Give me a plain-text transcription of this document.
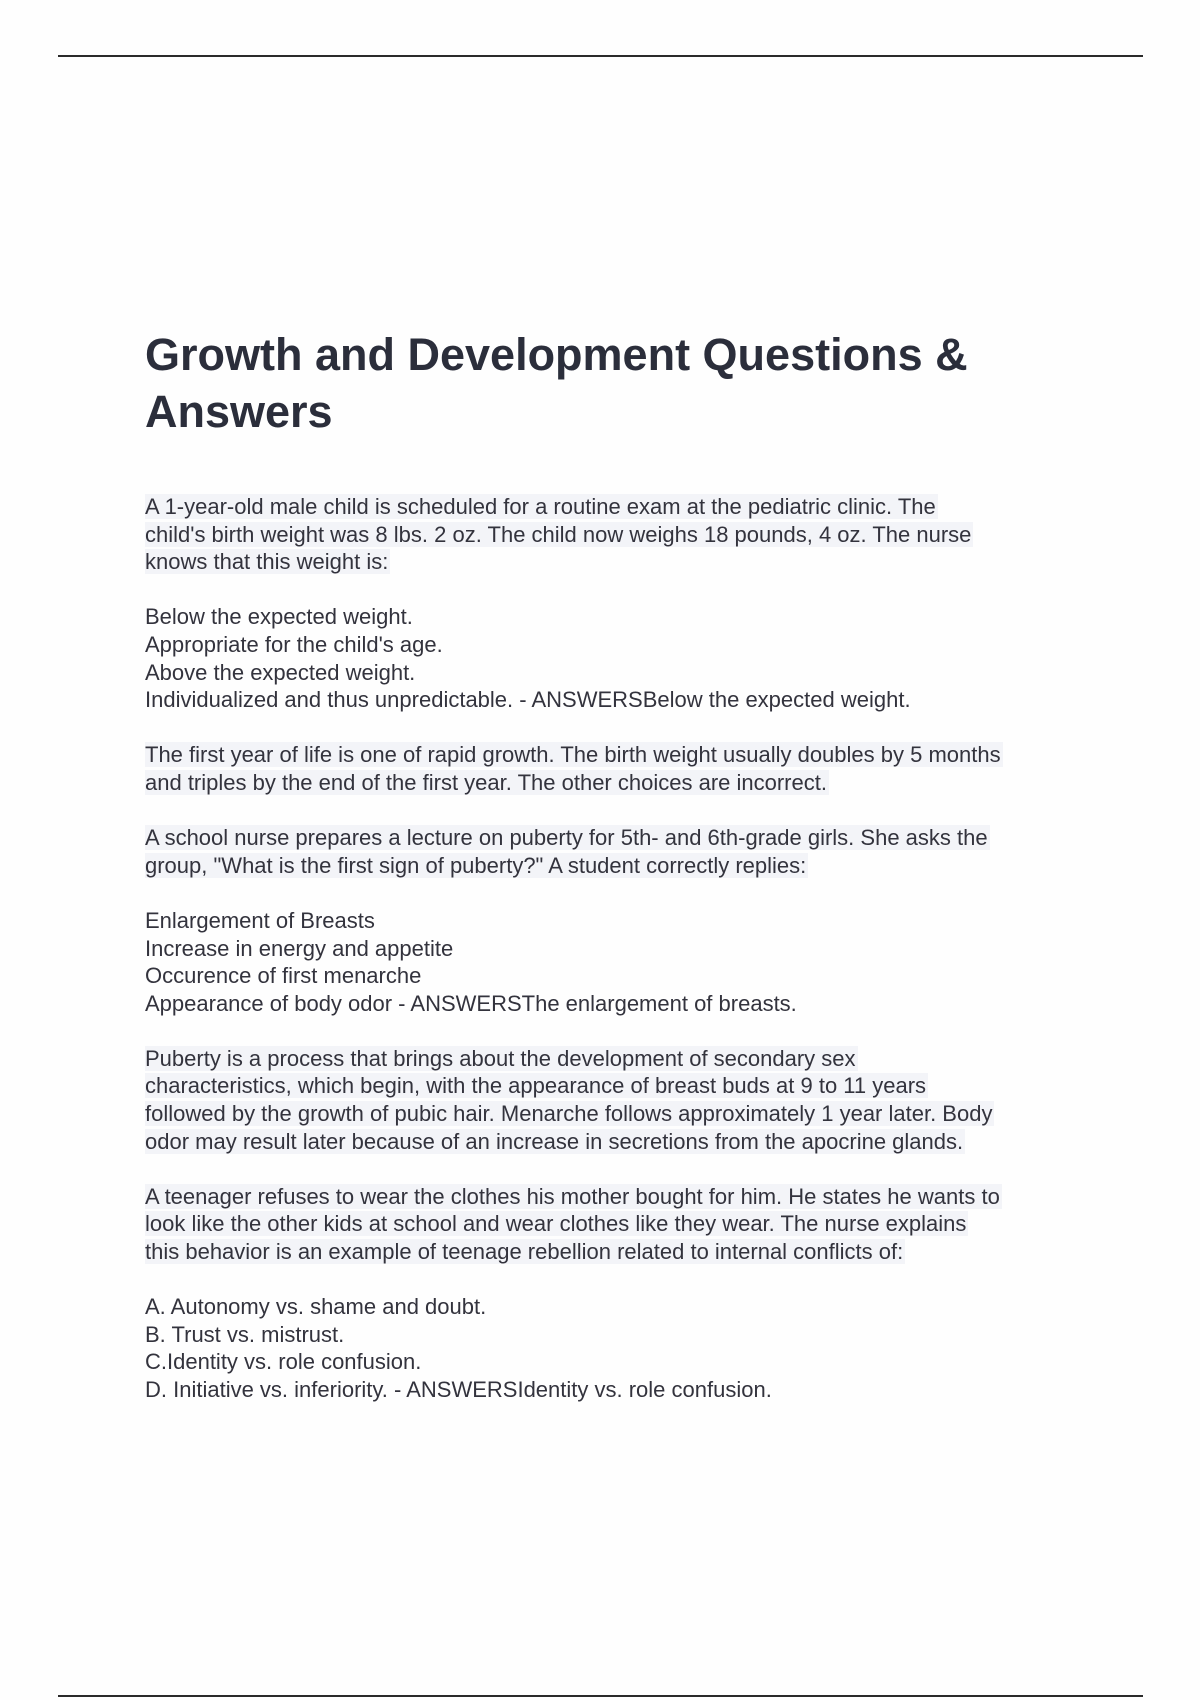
Growth and Development Questions &
Answers
A 1-year-old male child is scheduled for a routine exam at the pediatric clinic. The
child's birth weight was 8 lbs. 2 oz. The child now weighs 18 pounds, 4 oz. The nurse
knows that this weight is:
Below the expected weight.
Appropriate for the child's age.
Above the expected weight.
Individualized and thus unpredictable. - ANSWERSBelow the expected weight.
The first year of life is one of rapid growth. The birth weight usually doubles by 5 months
and triples by the end of the first year. The other choices are incorrect.
A school nurse prepares a lecture on puberty for 5th- and 6th-grade girls. She asks the
group, "What is the first sign of puberty?" A student correctly replies:
Enlargement of Breasts
Increase in energy and appetite
Occurence of first menarche
Appearance of body odor - ANSWERSThe enlargement of breasts.
Puberty is a process that brings about the development of secondary sex
characteristics, which begin, with the appearance of breast buds at 9 to 11 years
followed by the growth of pubic hair. Menarche follows approximately 1 year later. Body
odor may result later because of an increase in secretions from the apocrine glands.
A teenager refuses to wear the clothes his mother bought for him. He states he wants to
look like the other kids at school and wear clothes like they wear. The nurse explains
this behavior is an example of teenage rebellion related to internal conflicts of:
A. Autonomy vs. shame and doubt.
B. Trust vs. mistrust.
C.Identity vs. role confusion.
D. Initiative vs. inferiority. - ANSWERSIdentity vs. role confusion.
